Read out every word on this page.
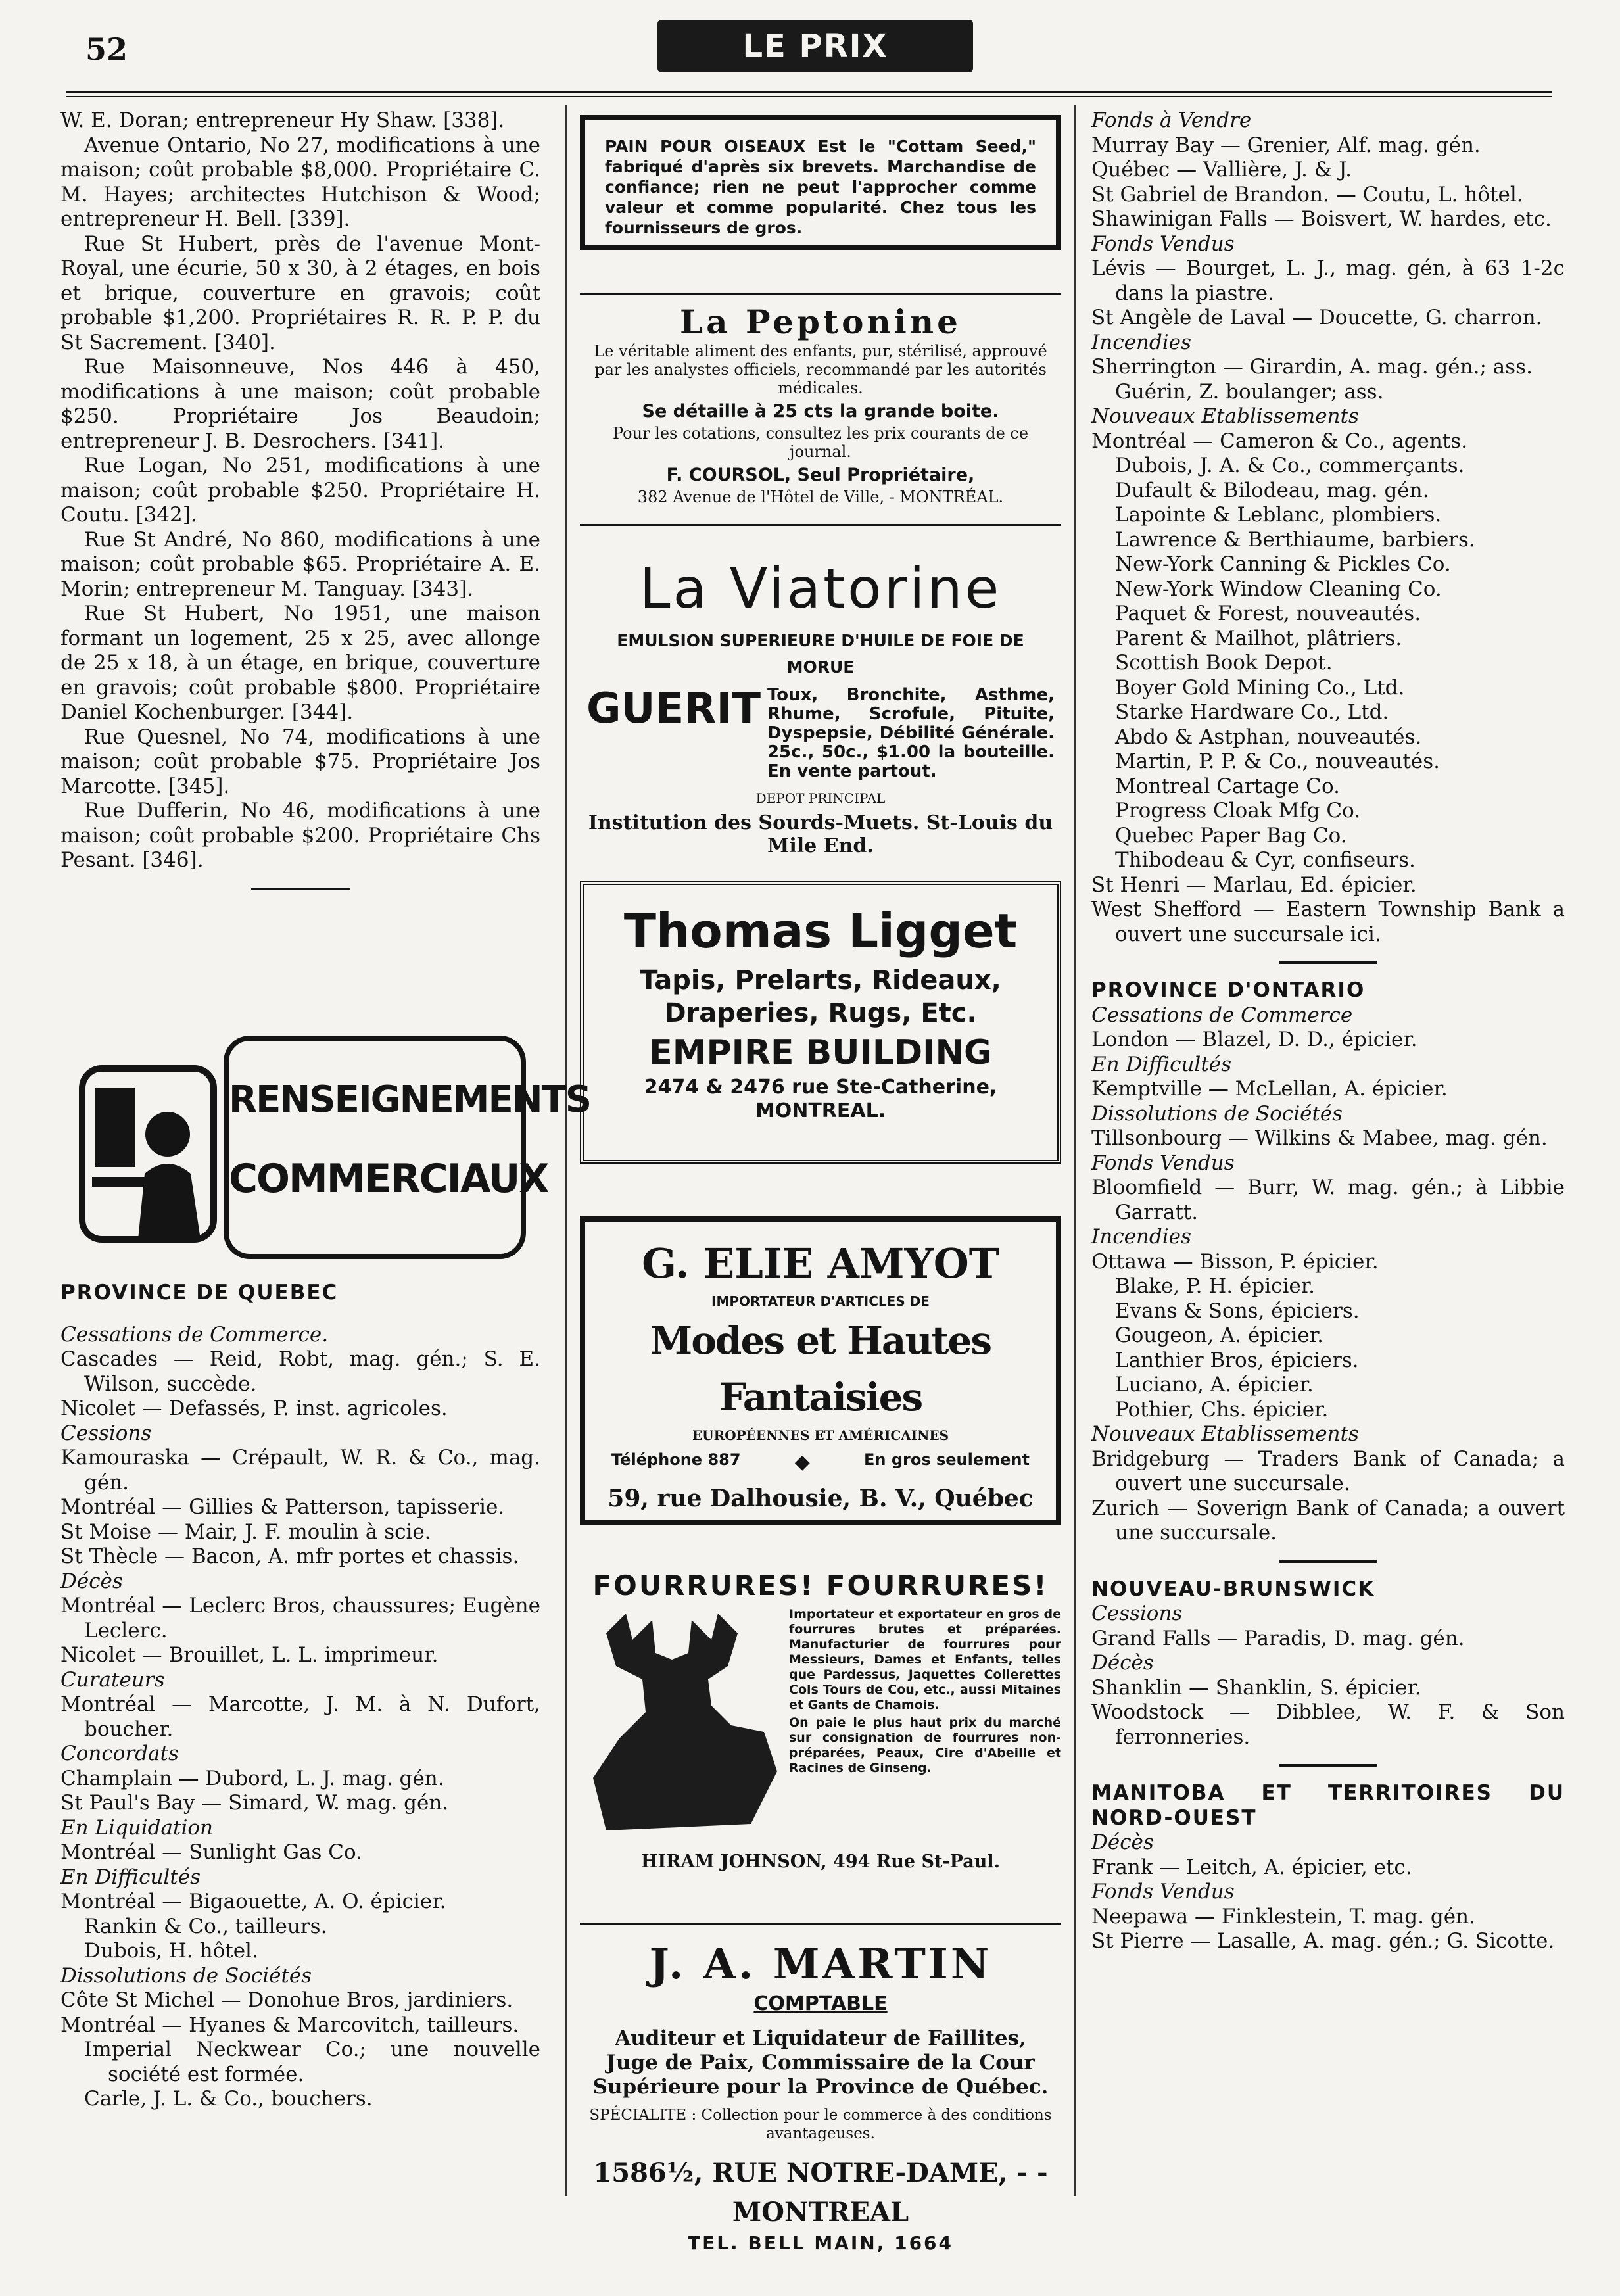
52	LE PRIX COURANT

W. E. Doran; entrepreneur Hy Shaw. [338].

Avenue Ontario, No 27, modifications à une maison; coût probable $8,000. Propriétaire C. M. Hayes; architectes Hutchison & Wood; entrepreneur H. Bell. [339].

Rue St Hubert, près de l'avenue Mont-Royal, une écurie, 50 x 30, à 2 étages, en bois et brique, couverture en gravois; coût probable $1,200. Propriétaires R. R. P. P. du St Sacrement. [340].

Rue Maisonneuve, Nos 446 à 450, modifications à une maison; coût probable $250. Propriétaire Jos Beaudoin; entrepreneur J. B. Desrochers. [341].

Rue Logan, No 251, modifications à une maison; coût probable $250. Propriétaire H. Coutu. [342].

Rue St André, No 860, modifications à une maison; coût probable $65. Propriétaire A. E. Morin; entrepreneur M. Tanguay. [343].

Rue St Hubert, No 1951, une maison formant un logement, 25 x 25, avec allonge de 25 x 18, à un étage, en brique, couverture en gravois; coût probable $800. Propriétaire Daniel Kochenburger. [344].

Rue Quesnel, No 74, modifications à une maison; coût probable $75. Propriétaire Jos Marcotte. [345].

Rue Dufferin, No 46, modifications à une maison; coût probable $200. Propriétaire Chs Pesant. [346].

RENSEIGNEMENTS
COMMERCIAUX

PROVINCE DE QUEBEC

Cessations de Commerce.

Cascades — Reid, Robt, mag. gén.; S. E. Wilson, succède.

Nicolet — Defassés, P. inst. agricoles.

Cessions

Kamouraska — Crépault, W. R. & Co., mag. gén.

Montréal — Gillies & Patterson, tapisserie.

St Moise — Mair, J. F. moulin à scie.

St Thècle — Bacon, A. mfr portes et chassis.

Décès

Montréal — Leclerc Bros, chaussures; Eugène Leclerc.

Nicolet — Brouillet, L. L. imprimeur.

Curateurs

Montréal — Marcotte, J. M. à N. Dufort, boucher.

Concordats

Champlain — Dubord, L. J. mag. gén.

St Paul's Bay — Simard, W. mag. gén.

En Liquidation

Montréal — Sunlight Gas Co.

En Difficultés

Montréal — Bigaouette, A. O. épicier.

Rankin & Co., tailleurs.

Dubois, H. hôtel.

Dissolutions de Sociétés

Côte St Michel — Donohue Bros, jardiniers.

Montréal — Hyanes & Marcovitch, tailleurs.

Imperial Neckwear Co.; une nouvelle société est formée.

Carle, J. L. & Co., bouchers.

PAIN POUR OISEAUX Est le "Cottam Seed," fabriqué d'après six brevets. Marchandise de confiance; rien ne peut l'approcher comme valeur et comme popularité. Chez tous les fournisseurs de gros.
La Peptonine
Le véritable aliment des enfants, pur, stérilisé, approuvé par les analystes officiels, recommandé par les autorités médicales.
Se détaille à 25 cts la grande boite.
Pour les cotations, consultez les prix courants de ce journal.
F. COURSOL, Seul Propriétaire,
382 Avenue de l'Hôtel de Ville, - MONTRÉAL.
La Viatorine
EMULSION SUPERIEURE D'HUILE DE FOIE DE MORUE
GUERIT Toux, Bronchite, Asthme, Rhume, Scrofule, Pituite, Dyspepsie, Débilité Générale. 25c., 50c., $1.00 la bouteille. En vente partout.
DEPOT PRINCIPAL
Institution des Sourds-Muets. St-Louis du Mile End.
Thomas Ligget
Tapis, Prelarts, Rideaux,
Draperies, Rugs, Etc.
EMPIRE BUILDING
2474 & 2476 rue Ste-Catherine,
MONTREAL.
G. ELIE AMYOT
IMPORTATEUR D'ARTICLES DE
Modes et Hautes Fantaisies
EUROPÉENNES ET AMÉRICAINES
Téléphone 887	◆	En gros seulement
59, rue Dalhousie, B. V., Québec
FOURRURES! FOURRURES!
Importateur et exportateur en gros de fourrures brutes et préparées. Manufacturier de fourrures pour Messieurs, Dames et Enfants, telles que Pardessus, Jaquettes Collerettes Cols Tours de Cou, etc., aussi Mitaines et Gants de Chamois.
On paie le plus haut prix du marché sur consignation de fourrures non-préparées, Peaux, Cire d'Abeille et Racines de Ginseng.
HIRAM JOHNSON, 494 Rue St-Paul.
J. A. MARTIN
COMPTABLE
Auditeur et Liquidateur de Faillites, Juge de Paix, Commissaire de la Cour Supérieure pour la Province de Québec.
SPÉCIALITE : Collection pour le commerce à des conditions avantageuses.
1586½, RUE NOTRE-DAME, - - MONTREAL
TEL. BELL MAIN, 1664

Fonds à Vendre

Murray Bay — Grenier, Alf. mag. gén.

Québec — Vallière, J. & J.

St Gabriel de Brandon. — Coutu, L. hôtel.

Shawinigan Falls — Boisvert, W. hardes, etc.

Fonds Vendus

Lévis — Bourget, L. J., mag. gén, à 63 1-2c dans la piastre.

St Angèle de Laval — Doucette, G. charron.

Incendies

Sherrington — Girardin, A. mag. gén.; ass.

Guérin, Z. boulanger; ass.

Nouveaux Etablissements

Montréal — Cameron & Co., agents.

Dubois, J. A. & Co., commerçants.

Dufault & Bilodeau, mag. gén.

Lapointe & Leblanc, plombiers.

Lawrence & Berthiaume, barbiers.

New-York Canning & Pickles Co.

New-York Window Cleaning Co.

Paquet & Forest, nouveautés.

Parent & Mailhot, plâtriers.

Scottish Book Depot.

Boyer Gold Mining Co., Ltd.

Starke Hardware Co., Ltd.

Abdo & Astphan, nouveautés.

Martin, P. P. & Co., nouveautés.

Montreal Cartage Co.

Progress Cloak Mfg Co.

Quebec Paper Bag Co.

Thibodeau & Cyr, confiseurs.

St Henri — Marlau, Ed. épicier.

West Shefford — Eastern Township Bank a ouvert une succursale ici.

PROVINCE D'ONTARIO

Cessations de Commerce

London — Blazel, D. D., épicier.

En Difficultés

Kemptville — McLellan, A. épicier.

Dissolutions de Sociétés

Tillsonbourg — Wilkins & Mabee, mag. gén.

Fonds Vendus

Bloomfield — Burr, W. mag. gén.; à Libbie Garratt.

Incendies

Ottawa — Bisson, P. épicier.

Blake, P. H. épicier.

Evans & Sons, épiciers.

Gougeon, A. épicier.

Lanthier Bros, épiciers.

Luciano, A. épicier.

Pothier, Chs. épicier.

Nouveaux Etablissements

Bridgeburg — Traders Bank of Canada; a ouvert une succursale.

Zurich — Soverign Bank of Canada; a ouvert une succursale.

NOUVEAU-BRUNSWICK

Cessions

Grand Falls — Paradis, D. mag. gén.

Décès

Shanklin — Shanklin, S. épicier.

Woodstock — Dibblee, W. F. & Son ferronneries.

MANITOBA ET TERRITOIRES DU NORD-OUEST

Décès

Frank — Leitch, A. épicier, etc.

Fonds Vendus

Neepawa — Finklestein, T. mag. gén.

St Pierre — Lasalle, A. mag. gén.; G. Sicotte.
